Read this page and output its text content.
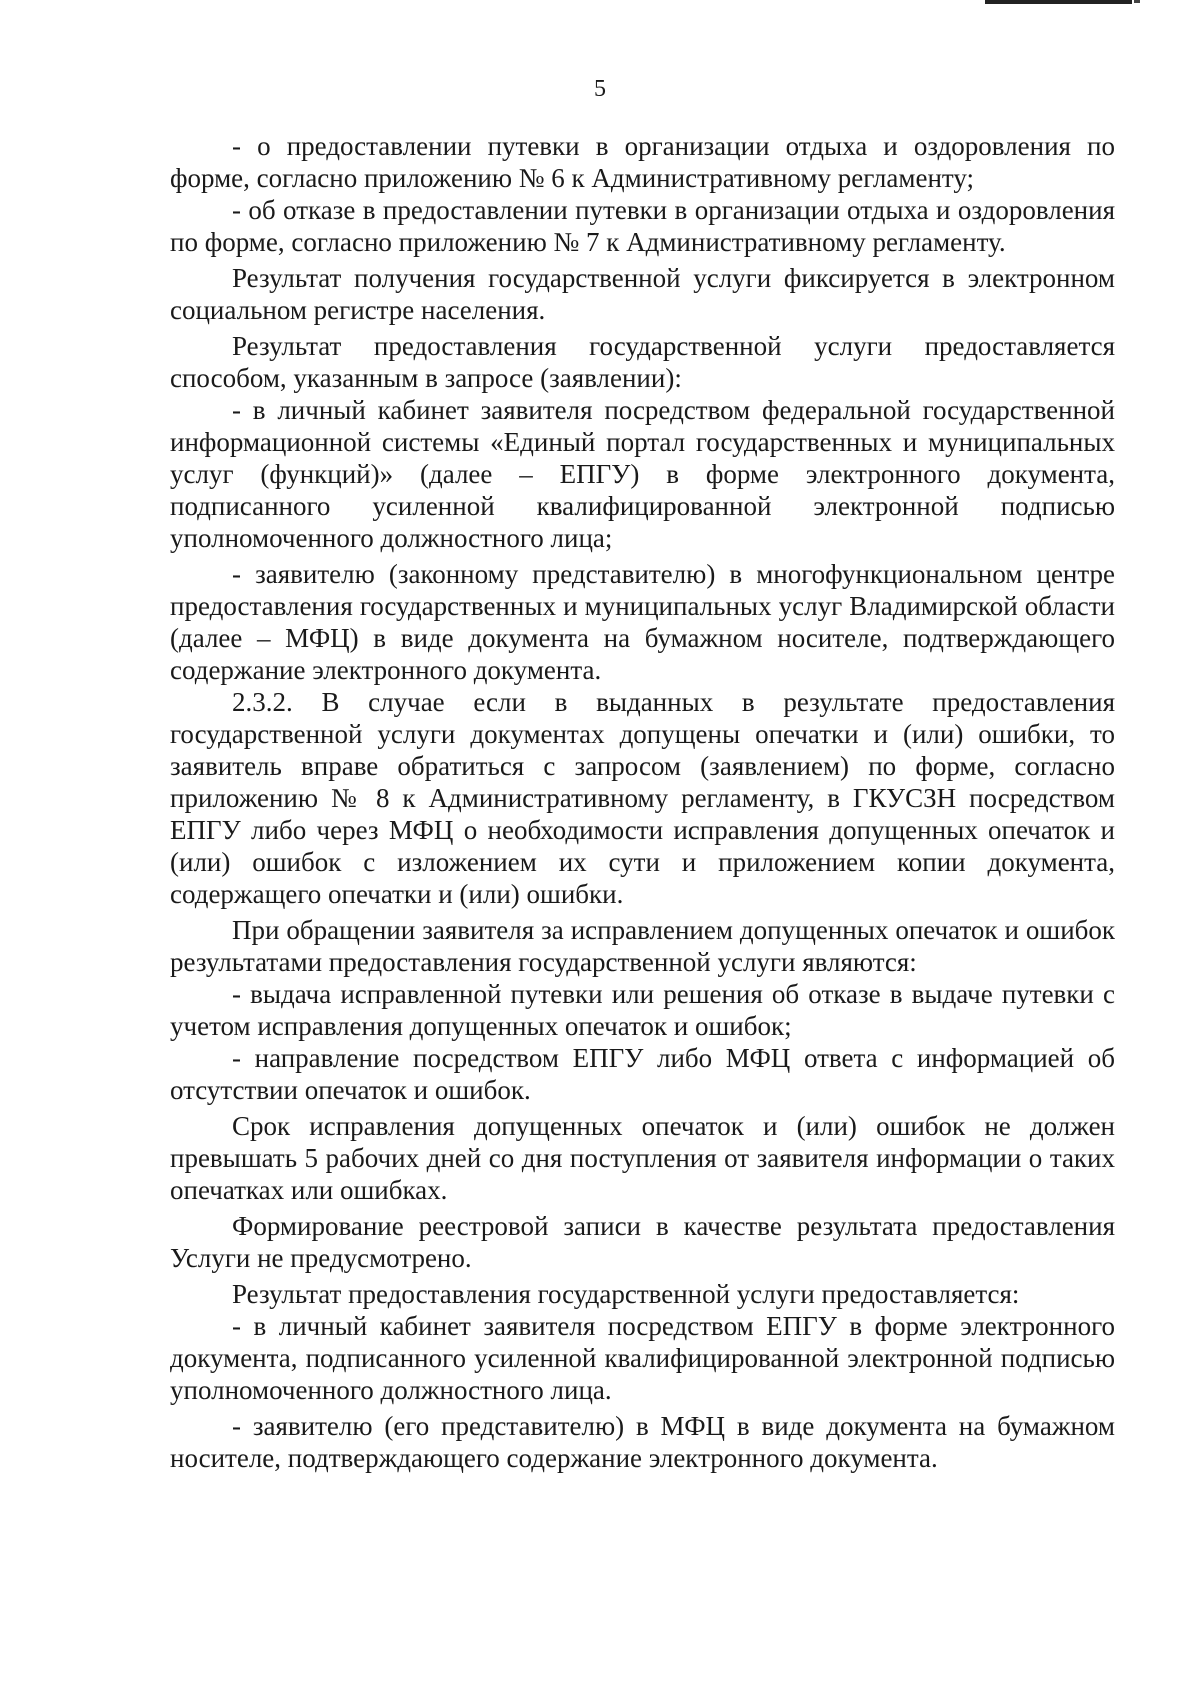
5

- о предоставлении путевки в организации отдыха и оздоровления по форме, согласно приложению № 6 к Административному регламенту;

- об отказе в предоставлении путевки в организации отдыха и оздоровления по форме, согласно приложению № 7 к Административному регламенту.

Результат получения государственной услуги фиксируется в электронном социальном регистре населения.

Результат предоставления государственной услуги предоставляется способом, указанным в запросе (заявлении):

- в личный кабинет заявителя посредством федеральной государственной информационной системы «Единый портал государственных и муниципальных услуг (функций)» (далее – ЕПГУ) в форме электронного документа, подписанного усиленной квалифицированной электронной подписью уполномоченного должностного лица;

- заявителю (законному представителю) в многофункциональном центре предоставления государственных и муниципальных услуг Владимирской области (далее – МФЦ) в виде документа на бумажном носителе, подтверждающего содержание электронного документа.

2.3.2. В случае если в выданных в результате предоставления государственной услуги документах допущены опечатки и (или) ошибки, то заявитель вправе обратиться с запросом (заявлением) по форме, согласно приложению № 8 к Административному регламенту, в ГКУСЗН посредством ЕПГУ либо через МФЦ о необходимости исправления допущенных опечаток и (или) ошибок с изложением их сути и приложением копии документа, содержащего опечатки и (или) ошибки.

При обращении заявителя за исправлением допущенных опечаток и ошибок результатами предоставления государственной услуги являются:

- выдача исправленной путевки или решения об отказе в выдаче путевки с учетом исправления допущенных опечаток и ошибок;

- направление посредством ЕПГУ либо МФЦ ответа с информацией об отсутствии опечаток и ошибок.

Срок исправления допущенных опечаток и (или) ошибок не должен превышать 5 рабочих дней со дня поступления от заявителя информации о таких опечатках или ошибках.

Формирование реестровой записи в качестве результата предоставления Услуги не предусмотрено.

Результат предоставления государственной услуги предоставляется:

- в личный кабинет заявителя посредством ЕПГУ в форме электронного документа, подписанного усиленной квалифицированной электронной подписью уполномоченного должностного лица.

- заявителю (его представителю) в МФЦ в виде документа на бумажном носителе, подтверждающего содержание электронного документа.
